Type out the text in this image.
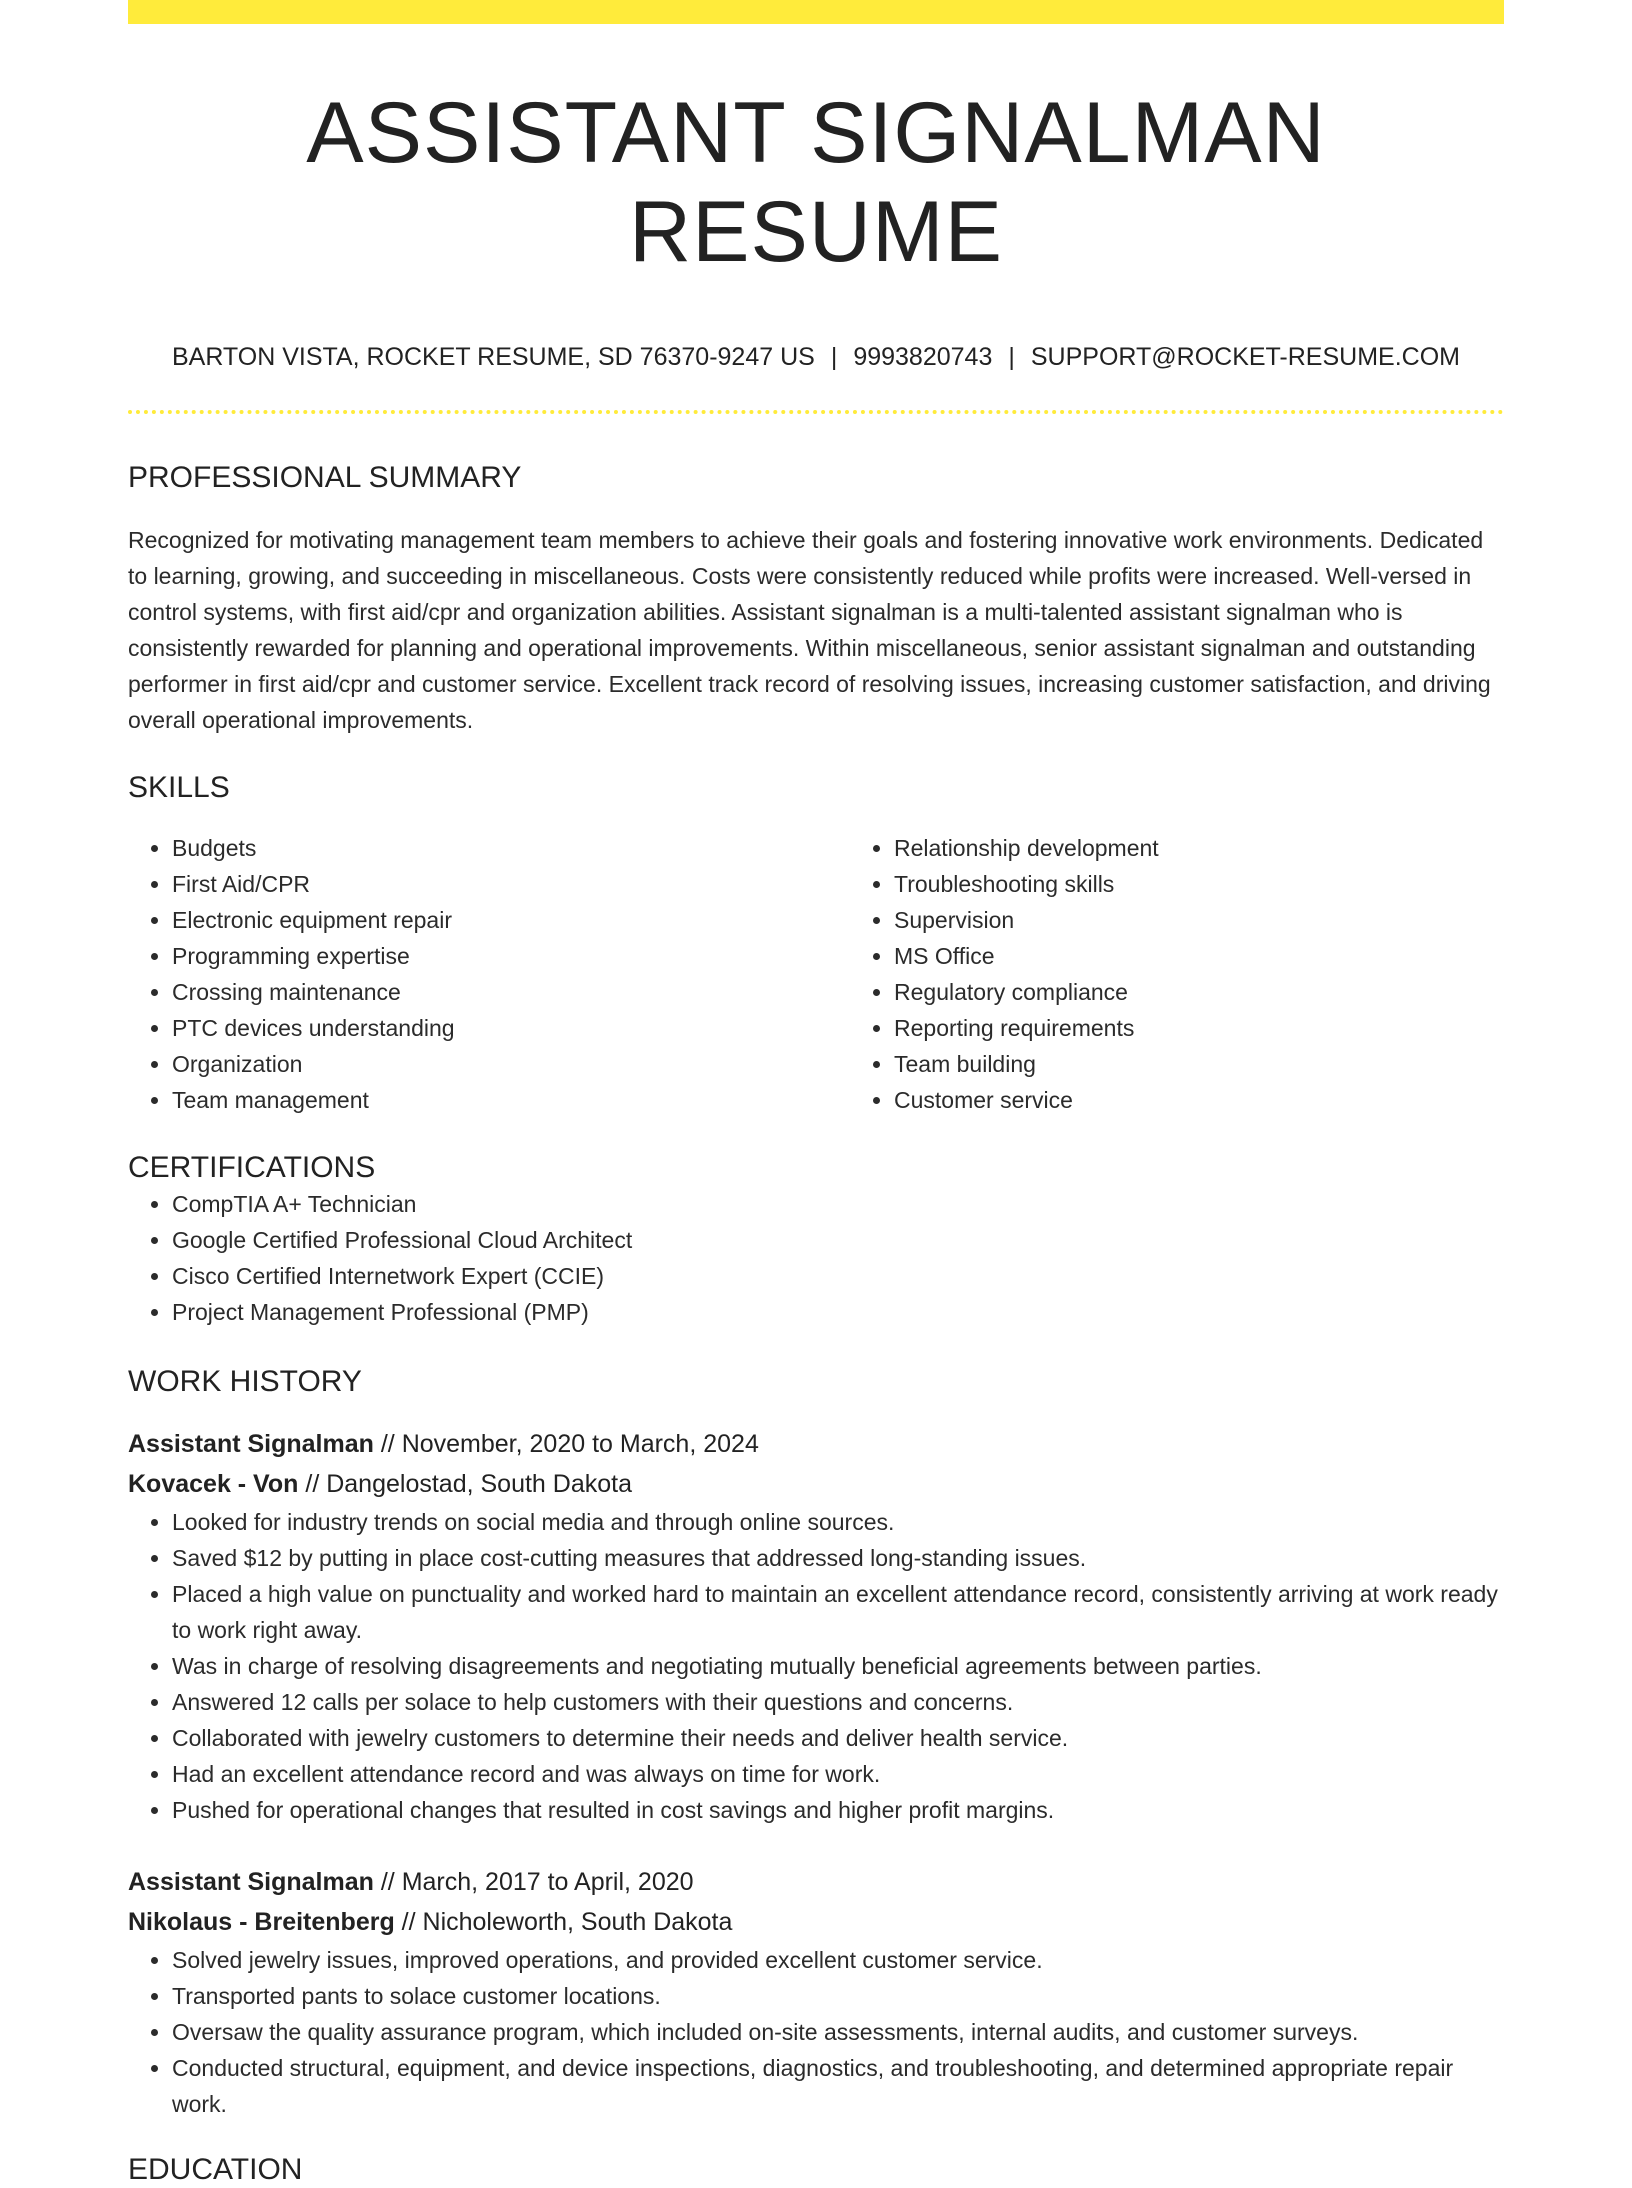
ASSISTANT SIGNALMAN RESUME
BARTON VISTA, ROCKET RESUME, SD 76370-9247 US | 9993820743 | SUPPORT@ROCKET-RESUME.COM
PROFESSIONAL SUMMARY
Recognized for motivating management team members to achieve their goals and fostering innovative work environments. Dedicated to learning, growing, and succeeding in miscellaneous. Costs were consistently reduced while profits were increased. Well-versed in control systems, with first aid/cpr and organization abilities. Assistant signalman is a multi-talented assistant signalman who is consistently rewarded for planning and operational improvements. Within miscellaneous, senior assistant signalman and outstanding performer in first aid/cpr and customer service. Excellent track record of resolving issues, increasing customer satisfaction, and driving overall operational improvements.
SKILLS
• Budgets
• First Aid/CPR
• Electronic equipment repair
• Programming expertise
• Crossing maintenance
• PTC devices understanding
• Organization
• Team management
• Relationship development
• Troubleshooting skills
• Supervision
• MS Office
• Regulatory compliance
• Reporting requirements
• Team building
• Customer service
CERTIFICATIONS
• CompTIA A+ Technician
• Google Certified Professional Cloud Architect
• Cisco Certified Internetwork Expert (CCIE)
• Project Management Professional (PMP)
WORK HISTORY
Assistant Signalman // November, 2020 to March, 2024
Kovacek - Von // Dangelostad, South Dakota
• Looked for industry trends on social media and through online sources.
• Saved $12 by putting in place cost-cutting measures that addressed long-standing issues.
• Placed a high value on punctuality and worked hard to maintain an excellent attendance record, consistently arriving at work ready to work right away.
• Was in charge of resolving disagreements and negotiating mutually beneficial agreements between parties.
• Answered 12 calls per solace to help customers with their questions and concerns.
• Collaborated with jewelry customers to determine their needs and deliver health service.
• Had an excellent attendance record and was always on time for work.
• Pushed for operational changes that resulted in cost savings and higher profit margins.
Assistant Signalman // March, 2017 to April, 2020
Nikolaus - Breitenberg // Nicholeworth, South Dakota
• Solved jewelry issues, improved operations, and provided excellent customer service.
• Transported pants to solace customer locations.
• Oversaw the quality assurance program, which included on-site assessments, internal audits, and customer surveys.
• Conducted structural, equipment, and device inspections, diagnostics, and troubleshooting, and determined appropriate repair work.
EDUCATION
